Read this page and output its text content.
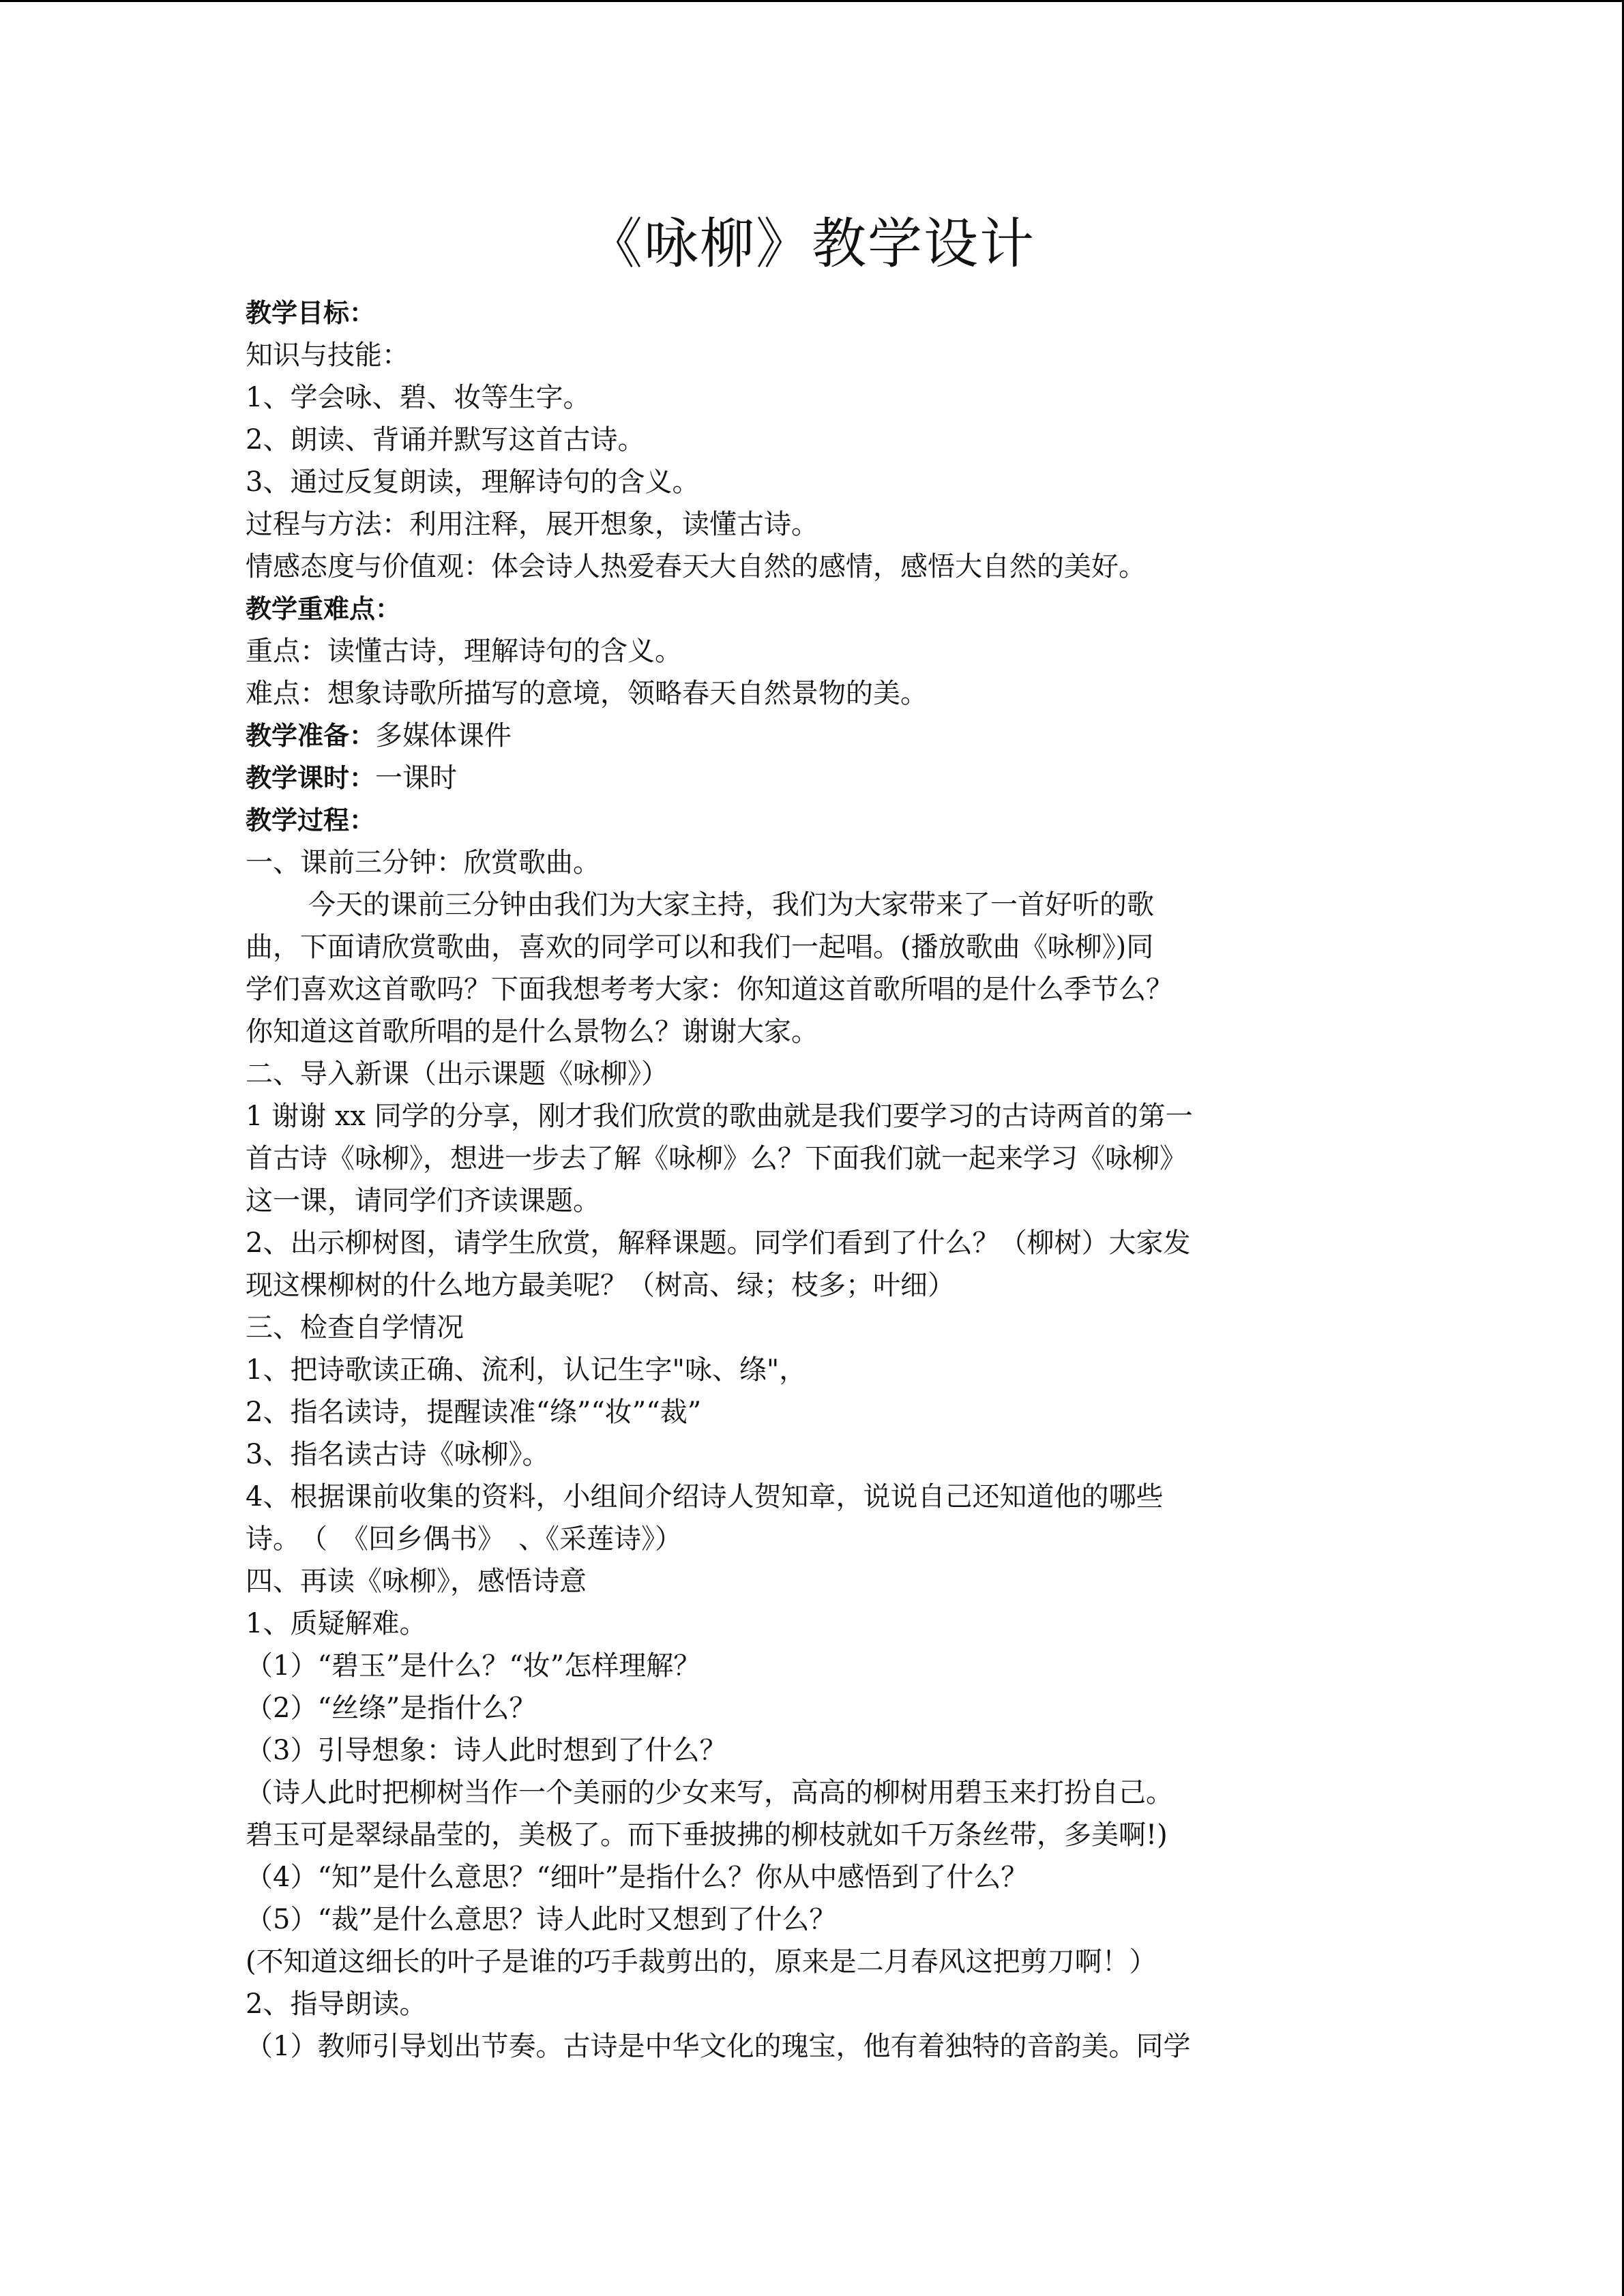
《咏柳》教学设计
教学目标：
知识与技能：
1、学会咏、碧、妆等生字。
2、朗读、背诵并默写这首古诗。
3、通过反复朗读，理解诗句的含义。
过程与方法：利用注释，展开想象，读懂古诗。
情感态度与价值观：体会诗人热爱春天大自然的感情，感悟大自然的美好。
教学重难点：
重点：读懂古诗，理解诗句的含义。
难点：想象诗歌所描写的意境，领略春天自然景物的美。
教学准备：多媒体课件
教学课时：一课时
教学过程：
一、课前三分钟：欣赏歌曲。
今天的课前三分钟由我们为大家主持，我们为大家带来了一首好听的歌
曲，下面请欣赏歌曲，喜欢的同学可以和我们一起唱。(播放歌曲《咏柳》)同
学们喜欢这首歌吗？下面我想考考大家：你知道这首歌所唱的是什么季节么？
你知道这首歌所唱的是什么景物么？谢谢大家。
二、导入新课（出示课题《咏柳》）
1 谢谢 xx 同学的分享，刚才我们欣赏的歌曲就是我们要学习的古诗两首的第一
首古诗《咏柳》，想进一步去了解《咏柳》么？下面我们就一起来学习《咏柳》
这一课，请同学们齐读课题。
2、出示柳树图，请学生欣赏，解释课题。同学们看到了什么？（柳树）大家发
现这棵柳树的什么地方最美呢？（树高、绿；枝多；叶细）
三、检查自学情况
1、把诗歌读正确、流利，认记生字"咏、绦"，
2、指名读诗，提醒读准“绦”“妆”“裁”
3、指名读古诗《咏柳》。
4、根据课前收集的资料，小组间介绍诗人贺知章，说说自己还知道他的哪些
诗。　（　《回乡偶书》　、《采莲诗》）
四、再读《咏柳》，感悟诗意
1、质疑解难。
（1）“碧玉”是什么？“妆”怎样理解？
（2）“丝绦”是指什么？
（3）引导想象：诗人此时想到了什么？
（诗人此时把柳树当作一个美丽的少女来写，高高的柳树用碧玉来打扮自己。
碧玉可是翠绿晶莹的，美极了。而下垂披拂的柳枝就如千万条丝带，多美啊!)
（4）“知”是什么意思？“细叶”是指什么？你从中感悟到了什么？
（5）“裁”是什么意思？诗人此时又想到了什么？
(不知道这细长的叶子是谁的巧手裁剪出的，原来是二月春风这把剪刀啊！）
2、指导朗读。
（1）教师引导划出节奏。古诗是中华文化的瑰宝，他有着独特的音韵美。同学
